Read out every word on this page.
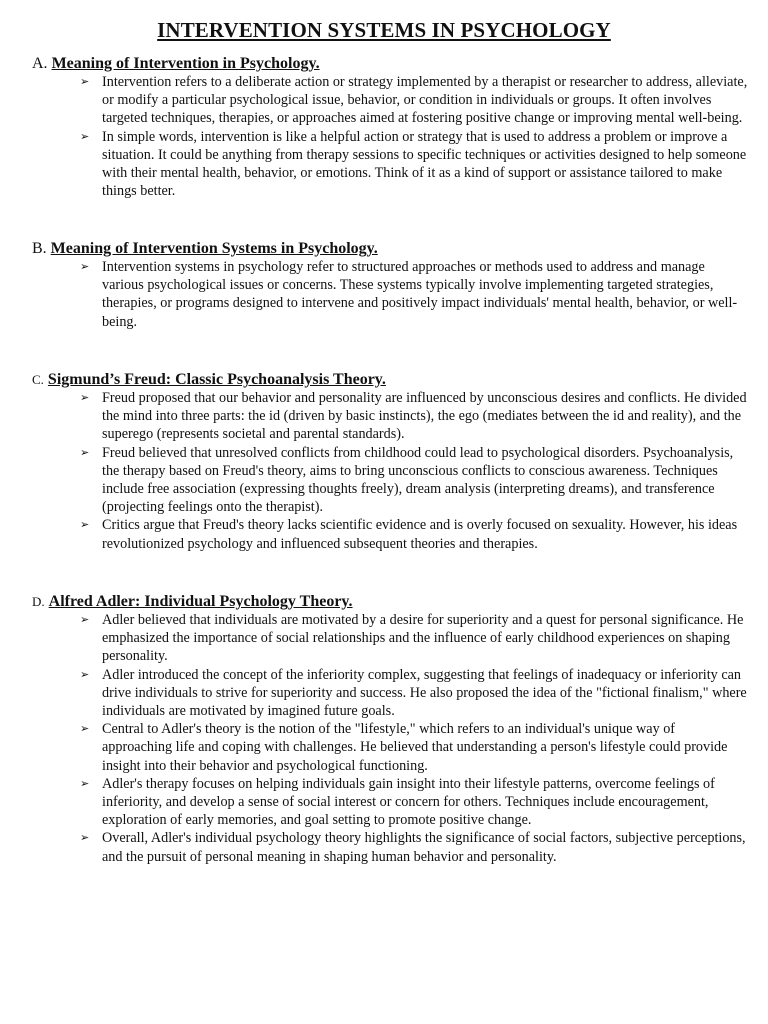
INTERVENTION SYSTEMS IN PSYCHOLOGY
A. Meaning of Intervention in Psychology.
➢ Intervention refers to a deliberate action or strategy implemented by a therapist or researcher to address, alleviate, or modify a particular psychological issue, behavior, or condition in individuals or groups. It often involves targeted techniques, therapies, or approaches aimed at fostering positive change or improving mental well-being.
➢ In simple words, intervention is like a helpful action or strategy that is used to address a problem or improve a situation. It could be anything from therapy sessions to specific techniques or activities designed to help someone with their mental health, behavior, or emotions. Think of it as a kind of support or assistance tailored to make things better.
B. Meaning of Intervention Systems in Psychology.
➢ Intervention systems in psychology refer to structured approaches or methods used to address and manage various psychological issues or concerns. These systems typically involve implementing targeted strategies, therapies, or programs designed to intervene and positively impact individuals' mental health, behavior, or well-being.
C. Sigmund’s Freud: Classic Psychoanalysis Theory.
➢ Freud proposed that our behavior and personality are influenced by unconscious desires and conflicts. He divided the mind into three parts: the id (driven by basic instincts), the ego (mediates between the id and reality), and the superego (represents societal and parental standards).
➢ Freud believed that unresolved conflicts from childhood could lead to psychological disorders. Psychoanalysis, the therapy based on Freud's theory, aims to bring unconscious conflicts to conscious awareness. Techniques include free association (expressing thoughts freely), dream analysis (interpreting dreams), and transference (projecting feelings onto the therapist).
➢ Critics argue that Freud's theory lacks scientific evidence and is overly focused on sexuality. However, his ideas revolutionized psychology and influenced subsequent theories and therapies.
D. Alfred Adler: Individual Psychology Theory.
➢ Adler believed that individuals are motivated by a desire for superiority and a quest for personal significance. He emphasized the importance of social relationships and the influence of early childhood experiences on shaping personality.
➢ Adler introduced the concept of the inferiority complex, suggesting that feelings of inadequacy or inferiority can drive individuals to strive for superiority and success. He also proposed the idea of the "fictional finalism," where individuals are motivated by imagined future goals.
➢ Central to Adler's theory is the notion of the "lifestyle," which refers to an individual's unique way of approaching life and coping with challenges. He believed that understanding a person's lifestyle could provide insight into their behavior and psychological functioning.
➢ Adler's therapy focuses on helping individuals gain insight into their lifestyle patterns, overcome feelings of inferiority, and develop a sense of social interest or concern for others. Techniques include encouragement, exploration of early memories, and goal setting to promote positive change.
➢ Overall, Adler's individual psychology theory highlights the significance of social factors, subjective perceptions, and the pursuit of personal meaning in shaping human behavior and personality.
